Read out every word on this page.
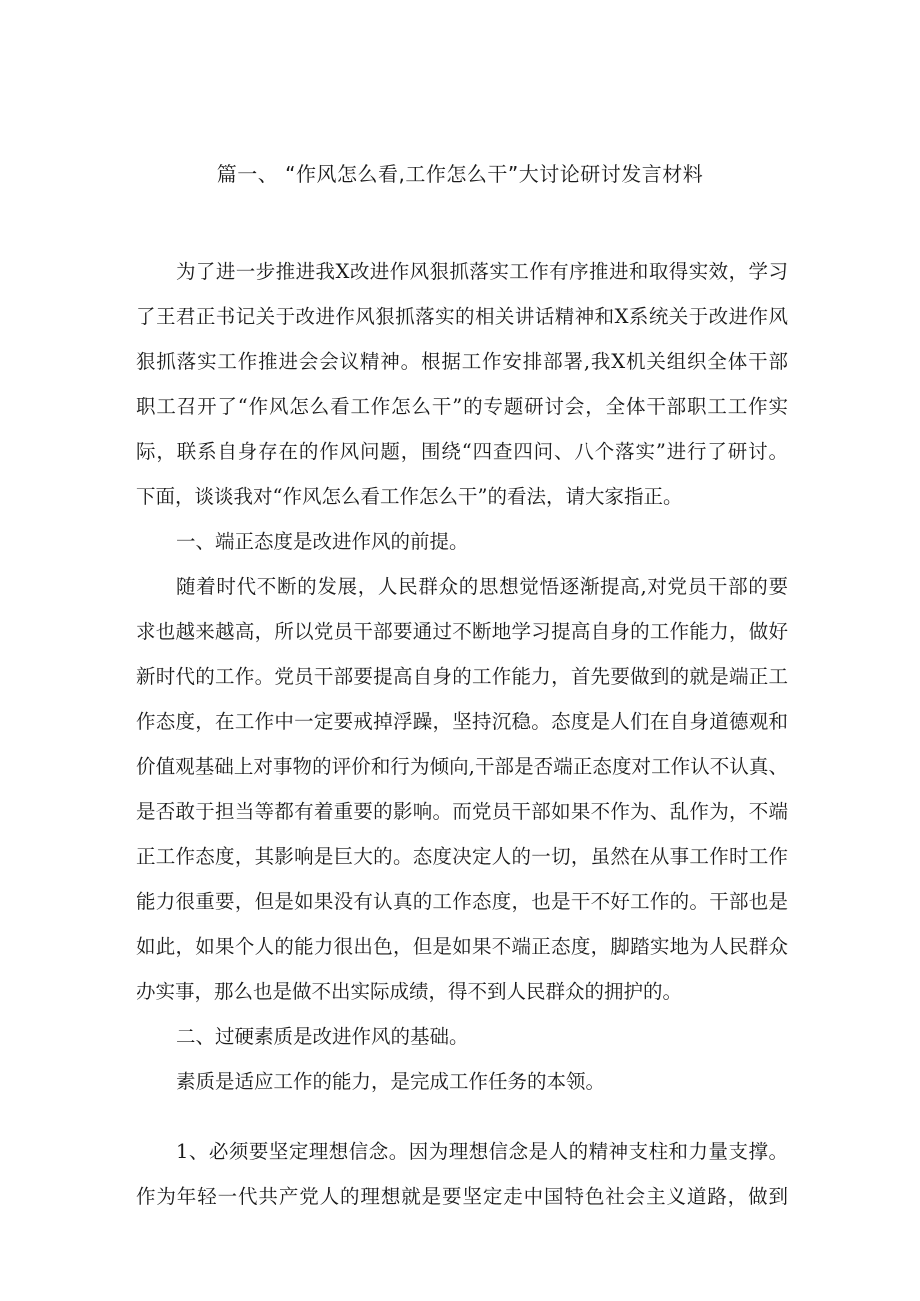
篇一、 “作风怎么看,工作怎么干”大讨论研讨发言材料
为了进一步推进我X改进作风狠抓落实工作有序推进和取得实效，学习
了王君正书记关于改进作风狠抓落实的相关讲话精神和X系统关于改进作风
狠抓落实工作推进会会议精神。根据工作安排部署,我X机关组织全体干部
职工召开了“作风怎么看工作怎么干”的专题研讨会，全体干部职工工作实
际，联系自身存在的作风问题，围绕“四查四问、八个落实”进行了研讨。
下面，谈谈我对“作风怎么看工作怎么干”的看法，请大家指正。
一、端正态度是改进作风的前提。
随着时代不断的发展，人民群众的思想觉悟逐渐提高,对党员干部的要
求也越来越高，所以党员干部要通过不断地学习提高自身的工作能力，做好
新时代的工作。党员干部要提高自身的工作能力，首先要做到的就是端正工
作态度，在工作中一定要戒掉浮躁，坚持沉稳。态度是人们在自身道德观和
价值观基础上对事物的评价和行为倾向,干部是否端正态度对工作认不认真、
是否敢于担当等都有着重要的影响。而党员干部如果不作为、乱作为，不端
正工作态度，其影响是巨大的。态度决定人的一切，虽然在从事工作时工作
能力很重要，但是如果没有认真的工作态度，也是干不好工作的。干部也是
如此，如果个人的能力很出色，但是如果不端正态度，脚踏实地为人民群众
办实事，那么也是做不出实际成绩，得不到人民群众的拥护的。
二、过硬素质是改进作风的基础。
素质是适应工作的能力，是完成工作任务的本领。
1、必须要坚定理想信念。因为理想信念是人的精神支柱和力量支撑。
作为年轻一代共产党人的理想就是要坚定走中国特色社会主义道路，做到
